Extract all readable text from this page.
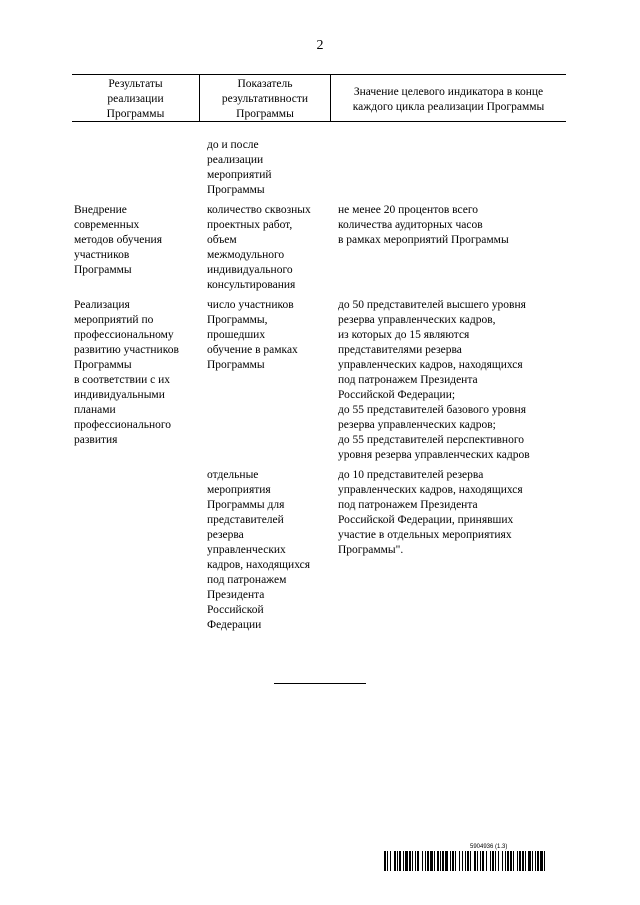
2
Результаты
реализации
Программы
Показатель
результативности
Программы
Значение целевого индикатора в конце
каждого цикла реализации Программы
до и после
реализации
мероприятий
Программы
Внедрение
современных
методов обучения
участников
Программы
количество сквозных
проектных работ,
объем
межмодульного
индивидуального
консультирования
не менее 20 процентов всего
количества аудиторных часов
в рамках мероприятий Программы
Реализация
мероприятий по
профессиональному
развитию участников
Программы
в соответствии с их
индивидуальными
планами
профессионального
развития
число участников
Программы,
прошедших
обучение в рамках
Программы
до 50 представителей высшего уровня
резерва управленческих кадров,
из которых до 15 являются
представителями резерва
управленческих кадров, находящихся
под патронажем Президента
Российской Федерации;
до 55 представителей базового уровня
резерва управленческих кадров;
до 55 представителей перспективного
уровня резерва управленческих кадров
отдельные
мероприятия
Программы для
представителей
резерва
управленческих
кадров, находящихся
под патронажем
Президента
Российской
Федерации
до 10 представителей резерва
управленческих кадров, находящихся
под патронажем Президента
Российской Федерации, принявших
участие в отдельных мероприятиях
Программы".
5904936 (1.3)
